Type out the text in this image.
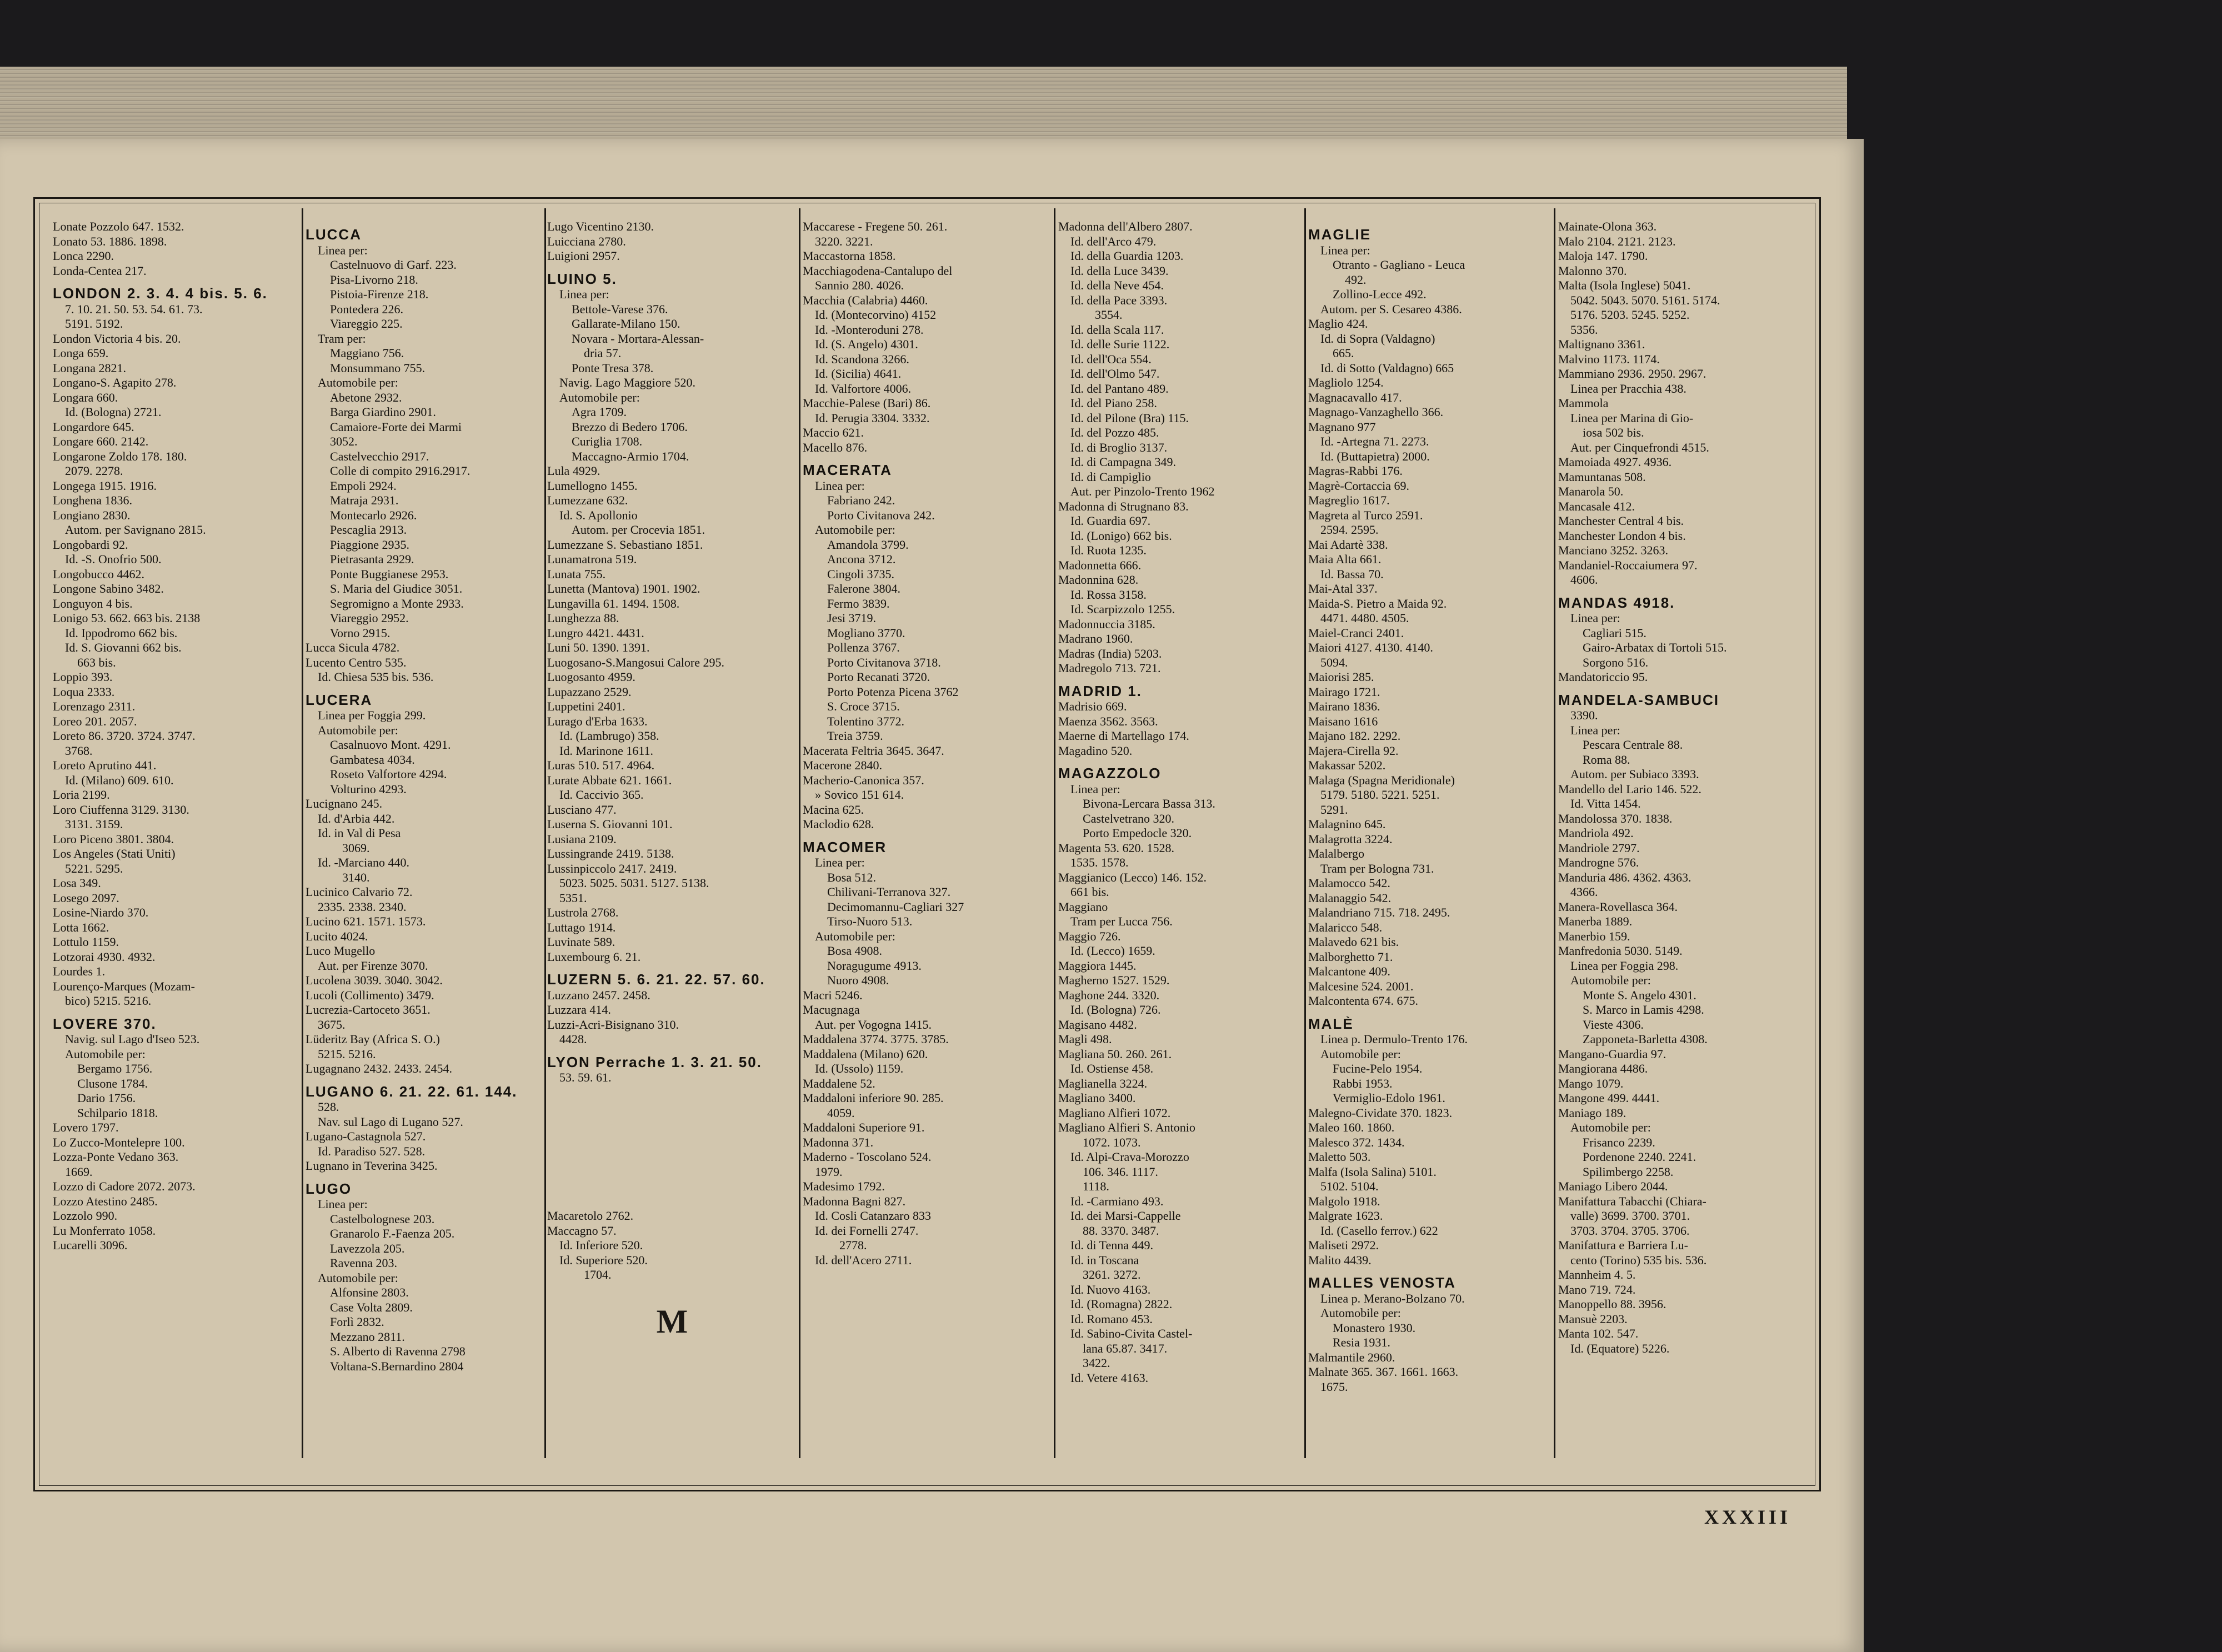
Lonate Pozzolo 647. 1532.
Lonato 53. 1886. 1898.
Lonca 2290.
Londa-Centea 217.
LONDON 2. 3. 4. 4 bis. 5. 6.
7. 10. 21. 50. 53. 54. 61. 73.
5191. 5192.
London Victoria 4 bis. 20.
Longa 659.
Longana 2821.
Longano-S. Agapito 278.
Longara 660.
Id. (Bologna) 2721.
Longardore 645.
Longare 660. 2142.
Longarone Zoldo 178. 180.
2079. 2278.
Longega 1915. 1916.
Longhena 1836.
Longiano 2830.
Autom. per Savignano 2815.
Longobardi 92.
Id. -S. Onofrio 500.
Longobucco 4462.
Longone Sabino 3482.
Longuyon 4 bis.
Lonigo 53. 662. 663 bis. 2138
Id. Ippodromo 662 bis.
Id. S. Giovanni 662 bis.
663 bis.
Loppio 393.
Loqua 2333.
Lorenzago 2311.
Loreo 201. 2057.
Loreto 86. 3720. 3724. 3747.
3768.
Loreto Aprutino 441.
Id. (Milano) 609. 610.
Loria 2199.
Loro Ciuffenna 3129. 3130.
3131. 3159.
Loro Piceno 3801. 3804.
Los Angeles (Stati Uniti)
5221. 5295.
Losa 349.
Losego 2097.
Losine-Niardo 370.
Lotta 1662.
Lottulo 1159.
Lotzorai 4930. 4932.
Lourdes 1.
Lourenço-Marques (Mozam-
bico) 5215. 5216.
LOVERE 370.
Navig. sul Lago d'Iseo 523.
Automobile per:
Bergamo 1756.
Clusone 1784.
Dario 1756.
Schilpario 1818.
Lovero 1797.
Lo Zucco-Montelepre 100.
Lozza-Ponte Vedano 363.
1669.
Lozzo di Cadore 2072. 2073.
Lozzo Atestino 2485.
Lozzolo 990.
Lu Monferrato 1058.
Lucarelli 3096.
LUCCA
Linea per:
Castelnuovo di Garf. 223.
Pisa-Livorno 218.
Pistoia-Firenze 218.
Pontedera 226.
Viareggio 225.
Tram per:
Maggiano 756.
Monsummano 755.
Automobile per:
Abetone 2932.
Barga Giardino 2901.
Camaiore-Forte dei Marmi
3052.
Castelvecchio 2917.
Colle di compito 2916.2917.
Empoli 2924.
Matraja 2931.
Montecarlo 2926.
Pescaglia 2913.
Piaggione 2935.
Pietrasanta 2929.
Ponte Buggianese 2953.
S. Maria del Giudice 3051.
Segromigno a Monte 2933.
Viareggio 2952.
Vorno 2915.
Lucca Sicula 4782.
Lucento Centro 535.
Id. Chiesa 535 bis. 536.
LUCERA
Linea per Foggia 299.
Automobile per:
Casalnuovo Mont. 4291.
Gambatesa 4034.
Roseto Valfortore 4294.
Volturino 4293.
Lucignano 245.
Id. d'Arbia 442.
Id. in Val di Pesa
3069.
Id. -Marciano 440.
3140.
Lucinico Calvario 72.
2335. 2338. 2340.
Lucino 621. 1571. 1573.
Lucito 4024.
Luco Mugello
Aut. per Firenze 3070.
Lucolena 3039. 3040. 3042.
Lucoli (Collimento) 3479.
Lucrezia-Cartoceto 3651.
3675.
Lüderitz Bay (Africa S. O.)
5215. 5216.
Lugagnano 2432. 2433. 2454.
LUGANO 6. 21. 22. 61. 144.
528.
Nav. sul Lago di Lugano 527.
Lugano-Castagnola 527.
Id. Paradiso 527. 528.
Lugnano in Teverina 3425.
LUGO
Linea per:
Castelbolognese 203.
Granarolo F.-Faenza 205.
Lavezzola 205.
Ravenna 203.
Automobile per:
Alfonsine 2803.
Case Volta 2809.
Forlì 2832.
Mezzano 2811.
S. Alberto di Ravenna 2798
Voltana-S.Bernardino 2804
Lugo Vicentino 2130.
Luicciana 2780.
Luigioni 2957.
LUINO 5.
Linea per:
Bettole-Varese 376.
Gallarate-Milano 150.
Novara - Mortara-Alessan-
dria 57.
Ponte Tresa 378.
Navig. Lago Maggiore 520.
Automobile per:
Agra 1709.
Brezzo di Bedero 1706.
Curiglia 1708.
Maccagno-Armio 1704.
Lula 4929.
Lumellogno 1455.
Lumezzane 632.
Id. S. Apollonio
Autom. per Crocevia 1851.
Lumezzane S. Sebastiano 1851.
Lunamatrona 519.
Lunata 755.
Lunetta (Mantova) 1901. 1902.
Lungavilla 61. 1494. 1508.
Lunghezza 88.
Lungro 4421. 4431.
Luni 50. 1390. 1391.
Luogosano-S.Mangosui Calore 295.
Luogosanto 4959.
Lupazzano 2529.
Luppetini 2401.
Lurago d'Erba 1633.
Id. (Lambrugo) 358.
Id. Marinone 1611.
Luras 510. 517. 4964.
Lurate Abbate 621. 1661.
Id. Caccivio 365.
Lusciano 477.
Luserna S. Giovanni 101.
Lusiana 2109.
Lussingrande 2419. 5138.
Lussinpiccolo 2417. 2419.
5023. 5025. 5031. 5127. 5138.
5351.
Lustrola 2768.
Luttago 1914.
Luvinate 589.
Luxembourg 6. 21.
LUZERN 5. 6. 21. 22. 57. 60.
Luzzano 2457. 2458.
Luzzara 414.
Luzzi-Acri-Bisignano 310.
4428.
LYON Perrache 1. 3. 21. 50.
53. 59. 61.

Macaretolo 2762.
Maccagno 57.
Id. Inferiore 520.
Id. Superiore 520.
1704.
Maccarese - Fregene 50. 261.
3220. 3221.
Maccastorna 1858.
Macchiagodena-Cantalupo del
Sannio 280. 4026.
Macchia (Calabria) 4460.
Id. (Montecorvino) 4152
Id. -Monteroduni 278.
Id. (S. Angelo) 4301.
Id. Scandona 3266.
Id. (Sicilia) 4641.
Id. Valfortore 4006.
Macchie-Palese (Bari) 86.
Id. Perugia 3304. 3332.
Maccio 621.
Macello 876.
MACERATA
Linea per:
Fabriano 242.
Porto Civitanova 242.
Automobile per:
Amandola 3799.
Ancona 3712.
Cingoli 3735.
Falerone 3804.
Fermo 3839.
Jesi 3719.
Mogliano 3770.
Pollenza 3767.
Porto Civitanova 3718.
Porto Recanati 3720.
Porto Potenza Picena 3762
S. Croce 3715.
Tolentino 3772.
Treia 3759.
Macerata Feltria 3645. 3647.
Macerone 2840.
Macherio-Canonica 357.
» Sovico 151 614.
Macina 625.
Maclodio 628.
MACOMER
Linea per:
Bosa 512.
Chilivani-Terranova 327.
Decimomannu-Cagliari 327
Tirso-Nuoro 513.
Automobile per:
Bosa 4908.
Noragugume 4913.
Nuoro 4908.
Macri 5246.
Macugnaga
Aut. per Vogogna 1415.
Maddalena 3774. 3775. 3785.
Maddalena (Milano) 620.
Id. (Ussolo) 1159.
Maddalene 52.
Maddaloni inferiore 90. 285.
4059.
Maddaloni Superiore 91.
Madonna 371.
Maderno - Toscolano 524.
1979.
Madesimo 1792.
Madonna Bagni 827.
Id. Cosli Catanzaro 833
Id. dei Fornelli 2747.
2778.
Id. dell'Acero 2711.
Madonna dell'Albero 2807.
Id. dell'Arco 479.
Id. della Guardia 1203.
Id. della Luce 3439.
Id. della Neve 454.
Id. della Pace 3393.
3554.
Id. della Scala 117.
Id. delle Surie 1122.
Id. dell'Oca 554.
Id. dell'Olmo 547.
Id. del Pantano 489.
Id. del Piano 258.
Id. del Pilone (Bra) 115.
Id. del Pozzo 485.
Id. di Broglio 3137.
Id. di Campagna 349.
Id. di Campiglio
Aut. per Pinzolo-Trento 1962
Madonna di Strugnano 83.
Id. Guardia 697.
Id. (Lonigo) 662 bis.
Id. Ruota 1235.
Madonnetta 666.
Madonnina 628.
Id. Rossa 3158.
Id. Scarpizzolo 1255.
Madonnuccia 3185.
Madrano 1960.
Madras (India) 5203.
Madregolo 713. 721.
MADRID 1.
Madrisio 669.
Maenza 3562. 3563.
Maerne di Martellago 174.
Magadino 520.
MAGAZZOLO
Linea per:
Bivona-Lercara Bassa 313.
Castelvetrano 320.
Porto Empedocle 320.
Magenta 53. 620. 1528.
1535. 1578.
Maggianico (Lecco) 146. 152.
661 bis.
Maggiano
Tram per Lucca 756.
Maggio 726.
Id. (Lecco) 1659.
Maggiora 1445.
Magherno 1527. 1529.
Maghone 244. 3320.
Id. (Bologna) 726.
Magisano 4482.
Magli 498.
Magliana 50. 260. 261.
Id. Ostiense 458.
Maglianella 3224.
Magliano 3400.
Magliano Alfieri 1072.
Magliano Alfieri S. Antonio
1072. 1073.
Id. Alpi-Crava-Morozzo
106. 346. 1117.
1118.
Id. -Carmiano 493.
Id. dei Marsi-Cappelle
88. 3370. 3487.
Id. di Tenna 449.
Id. in Toscana
3261. 3272.
Id. Nuovo 4163.
Id. (Romagna) 2822.
Id. Romano 453.
Id. Sabino-Civita Castel-
lana 65.87. 3417.
3422.
Id. Vetere 4163.
MAGLIE
Linea per:
Otranto - Gagliano - Leuca
492.
Zollino-Lecce 492.
Autom. per S. Cesareo 4386.
Maglio 424.
Id. di Sopra (Valdagno)
665.
Id. di Sotto (Valdagno) 665
Magliolo 1254.
Magnacavallo 417.
Magnago-Vanzaghello 366.
Magnano 977
Id. -Artegna 71. 2273.
Id. (Buttapietra) 2000.
Magras-Rabbi 176.
Magrè-Cortaccia 69.
Magreglio 1617.
Magreta al Turco 2591.
2594. 2595.
Mai Adartè 338.
Maia Alta 661.
Id. Bassa 70.
Mai-Atal 337.
Maida-S. Pietro a Maida 92.
4471. 4480. 4505.
Maiel-Cranci 2401.
Maiori 4127. 4130. 4140.
5094.
Maiorisi 285.
Mairago 1721.
Mairano 1836.
Maisano 1616
Majano 182. 2292.
Majera-Cirella 92.
Makassar 5202.
Malaga (Spagna Meridionale)
5179. 5180. 5221. 5251.
5291.
Malagnino 645.
Malagrotta 3224.
Malalbergo
Tram per Bologna 731.
Malamocco 542.
Malanaggio 542.
Malandriano 715. 718. 2495.
Malaricco 548.
Malavedo 621 bis.
Malborghetto 71.
Malcantone 409.
Malcesine 524. 2001.
Malcontenta 674. 675.
MALÈ
Linea p. Dermulo-Trento 176.
Automobile per:
Fucine-Pelo 1954.
Rabbi 1953.
Vermiglio-Edolo 1961.
Malegno-Cividate 370. 1823.
Maleo 160. 1860.
Malesco 372. 1434.
Maletto 503.
Malfa (Isola Salina) 5101.
5102. 5104.
Malgolo 1918.
Malgrate 1623.
Id. (Casello ferrov.) 622
Maliseti 2972.
Malito 4439.
MALLES VENOSTA
Linea p. Merano-Bolzano 70.
Automobile per:
Monastero 1930.
Resia 1931.
Malmantile 2960.
Malnate 365. 367. 1661. 1663.
1675.
Mainate-Olona 363.
Malo 2104. 2121. 2123.
Maloja 147. 1790.
Malonno 370.
Malta (Isola Inglese) 5041.
5042. 5043. 5070. 5161. 5174.
5176. 5203. 5245. 5252.
5356.
Maltignano 3361.
Malvino 1173. 1174.
Mammiano 2936. 2950. 2967.
Linea per Pracchia 438.
Mammola
Linea per Marina di Gio-
iosa 502 bis.
Aut. per Cinquefrondi 4515.
Mamoiada 4927. 4936.
Mamuntanas 508.
Manarola 50.
Mancasale 412.
Manchester Central 4 bis.
Manchester London 4 bis.
Manciano 3252. 3263.
Mandaniel-Roccaiumera 97.
4606.
MANDAS 4918.
Linea per:
Cagliari 515.
Gairo-Arbatax di Tortoli 515.
Sorgono 516.
Mandatoriccio 95.
MANDELA-SAMBUCI
3390.
Linea per:
Pescara Centrale 88.
Roma 88.
Autom. per Subiaco 3393.
Mandello del Lario 146. 522.
Id. Vitta 1454.
Mandolossa 370. 1838.
Mandriola 492.
Mandriole 2797.
Mandrogne 576.
Manduria 486. 4362. 4363.
4366.
Manera-Rovellasca 364.
Manerba 1889.
Manerbio 159.
Manfredonia 5030. 5149.
Linea per Foggia 298.
Automobile per:
Monte S. Angelo 4301.
S. Marco in Lamis 4298.
Vieste 4306.
Zapponeta-Barletta 4308.
Mangano-Guardia 97.
Mangiorana 4486.
Mango 1079.
Mangone 499. 4441.
Maniago 189.
Automobile per:
Frisanco 2239.
Pordenone 2240. 2241.
Spilimbergo 2258.
Maniago Libero 2044.
Manifattura Tabacchi (Chiara-
valle) 3699. 3700. 3701.
3703. 3704. 3705. 3706.
Manifattura e Barriera Lu-
cento (Torino) 535 bis. 536.
Mannheim 4. 5.
Mano 719. 724.
Manoppello 88. 3956.
Mansuè 2203.
Manta 102. 547.
Id. (Equatore) 5226.
M
XXXIII
